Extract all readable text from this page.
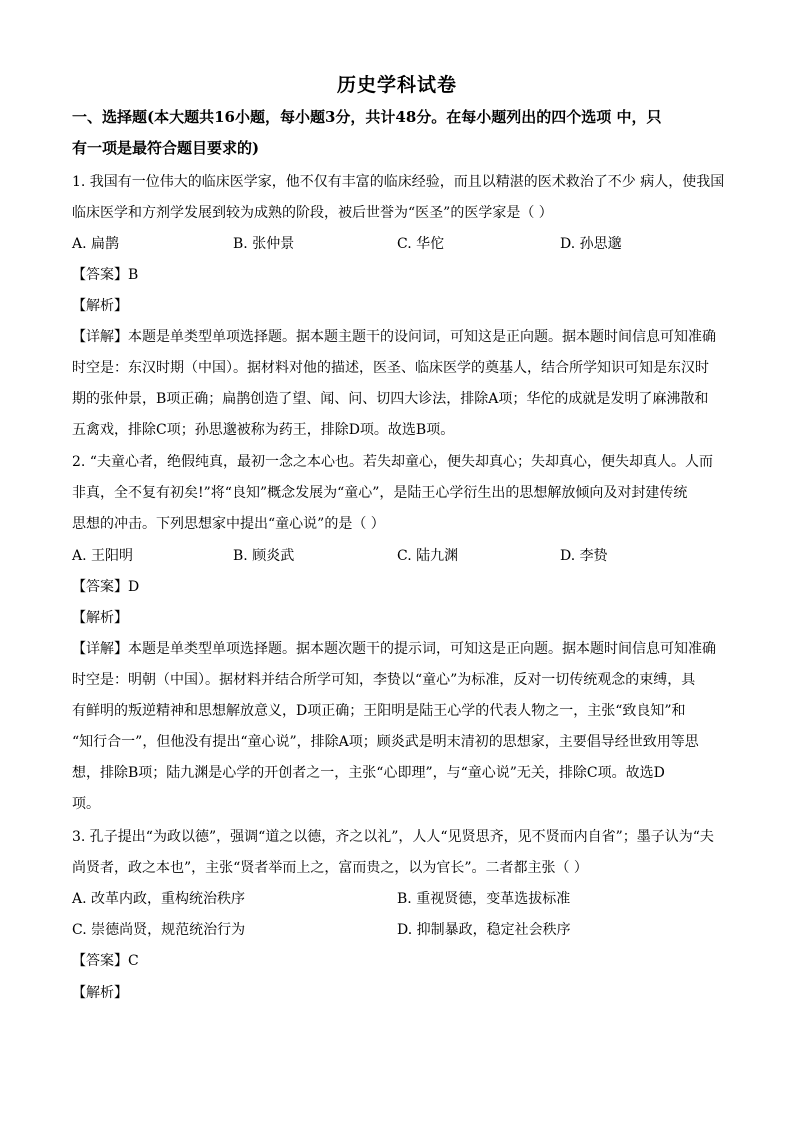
历史学科试卷
一、选择题(本大题共16小题，每小题3分，共计48分。在每小题列出的四个选项 中，只
有一项是最符合题目要求的)
1. 我国有一位伟大的临床医学家，他不仅有丰富的临床经验，而且以精湛的医术救治了不少 病人，使我国
临床医学和方剂学发展到较为成熟的阶段，被后世誉为“医圣”的医学家是（ ）
A. 扁鹊	B. 张仲景	C. 华佗	D. 孙思邈
【答案】B
【解析】
【详解】本题是单类型单项选择题。据本题主题干的设问词，可知这是正向题。据本题时间信息可知准确
时空是：东汉时期（中国）。据材料对他的描述，医圣、临床医学的奠基人，结合所学知识可知是东汉时
期的张仲景，B项正确；扁鹊创造了望、闻、问、切四大诊法，排除A项；华佗的成就是发明了麻沸散和
五禽戏，排除C项；孙思邈被称为药王，排除D项。故选B项。
2. “夫童心者，绝假纯真，最初一念之本心也。若失却童心，便失却真心；失却真心，便失却真人。人而
非真，全不复有初矣!”将“良知”概念发展为“童心”，是陆王心学衍生出的思想解放倾向及对封建传统
思想的冲击。下列思想家中提出“童心说”的是（ ）
A. 王阳明	B. 顾炎武	C. 陆九渊	D. 李贽
【答案】D
【解析】
【详解】本题是单类型单项选择题。据本题次题干的提示词，可知这是正向题。据本题时间信息可知准确
时空是：明朝（中国）。据材料并结合所学可知，李贽以“童心”为标准，反对一切传统观念的束缚，具
有鲜明的叛逆精神和思想解放意义，D项正确；王阳明是陆王心学的代表人物之一，主张“致良知”和
“知行合一”，但他没有提出“童心说”，排除A项；顾炎武是明末清初的思想家，主要倡导经世致用等思
想，排除B项；陆九渊是心学的开创者之一，主张“心即理”，与“童心说”无关，排除C项。故选D
项。
3. 孔子提出“为政以德”，强调“道之以德，齐之以礼”，人人“见贤思齐，见不贤而内自省”；墨子认为“夫
尚贤者，政之本也”，主张“贤者举而上之，富而贵之，以为官长”。二者都主张（ ）
A. 改革内政，重构统治秩序	B. 重视贤德，变革选拔标准
C. 崇德尚贤，规范统治行为	D. 抑制暴政，稳定社会秩序
【答案】C
【解析】
